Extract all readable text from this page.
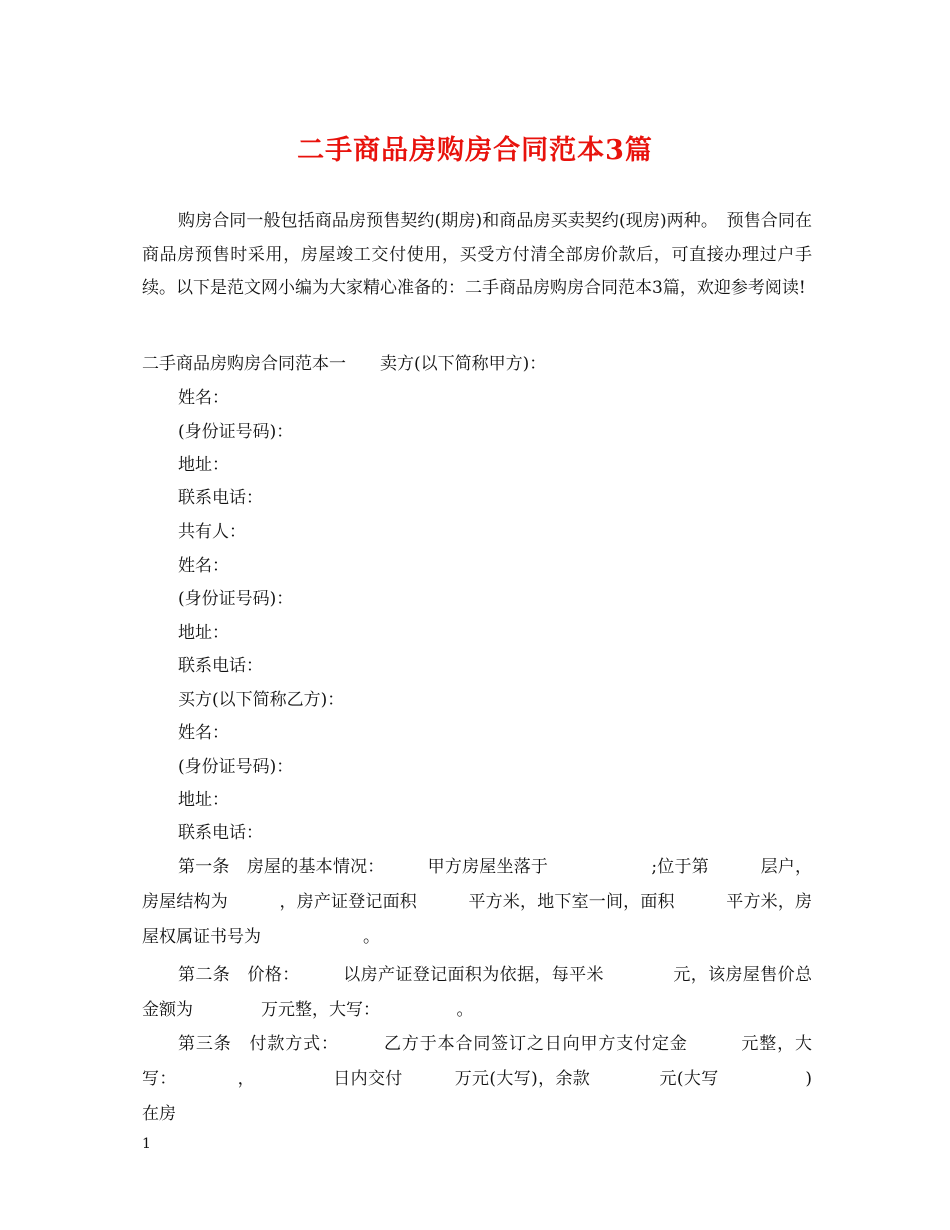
二手商品房购房合同范本3篇

购房合同一般包括商品房预售契约(期房)和商品房买卖契约(现房)两种。　预售合同在商品房预售时采用，房屋竣工交付使用，买受方付清全部房价款后，可直接办理过户手续。以下是范文网小编为大家精心准备的：二手商品房购房合同范本3篇，欢迎参考阅读!

二手商品房购房合同范本一　　卖方(以下简称甲方)：
姓名：
(身份证号码)：
地址：
联系电话：
共有人：
姓名：
(身份证号码)：
地址：
联系电话：
买方(以下简称乙方)：
姓名：
(身份证号码)：
地址：
联系电话：
第一条　房屋的基本情况：　　　甲方房屋坐落于　　　　　　;位于第　　　层户，房屋结构为　　　，房产证登记面积　　　平方米，地下室一间，面积　　　平方米，房屋权属证书号为　　　　　　。
第二条　价格：　　　以房产证登记面积为依据，每平米　　　　元，该房屋售价总金额为　　　　万元整，大写：　　　　　。
第三条　付款方式：　　　乙方于本合同签订之日向甲方支付定金　　　元整，大写：　　　　，　　　　　日内交付　　　万元(大写)，余款　　　　元(大写　　　　　)在房
1
